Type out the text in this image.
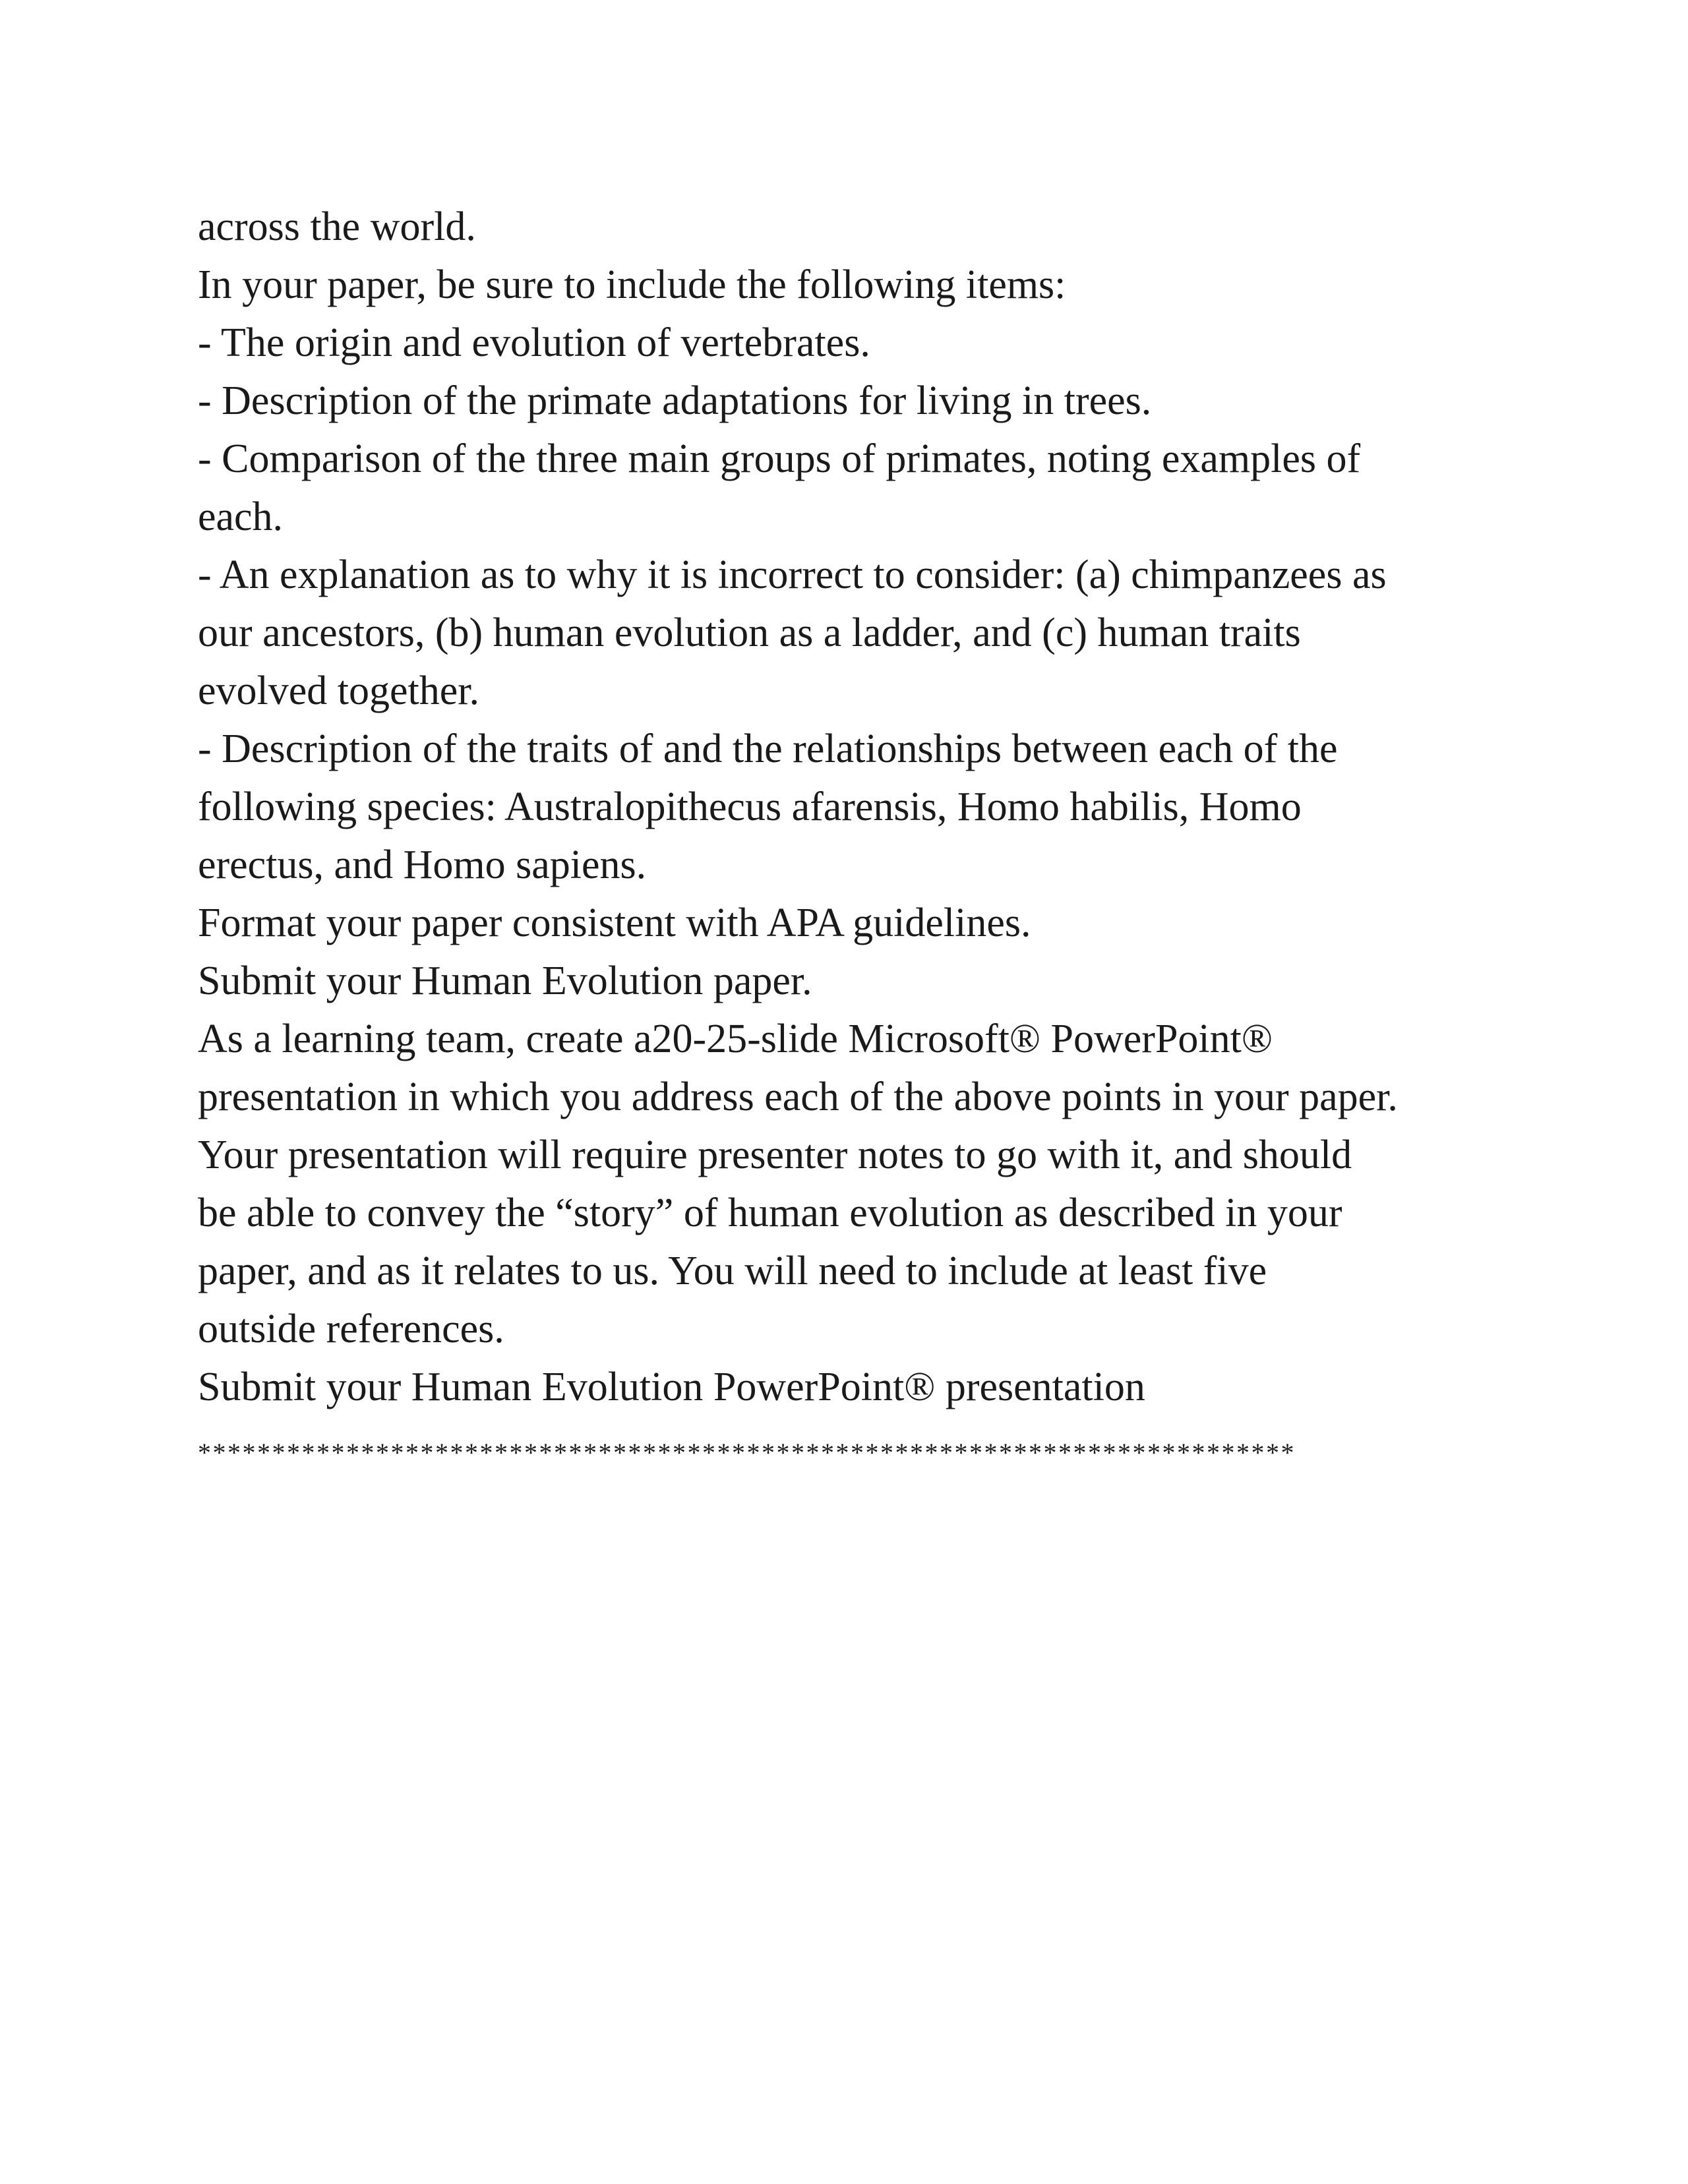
across the world.
In your paper, be sure to include the following items:
- The origin and evolution of vertebrates.
- Description of the primate adaptations for living in trees.
- Comparison of the three main groups of primates, noting examples of
each.
- An explanation as to why it is incorrect to consider: (a) chimpanzees as
our ancestors, (b) human evolution as a ladder, and (c) human traits
evolved together.
- Description of the traits of and the relationships between each of the
following species: Australopithecus afarensis, Homo habilis, Homo
erectus, and Homo sapiens.
Format your paper consistent with APA guidelines.
Submit your Human Evolution paper.
As a learning team, create a20-25-slide Microsoft® PowerPoint®
presentation in which you address each of the above points in your paper.
Your presentation will require presenter notes to go with it, and should
be able to convey the “story” of human evolution as described in your
paper, and as it relates to us. You will need to include at least five
outside references.
Submit your Human Evolution PowerPoint® presentation
**************************************************************************
